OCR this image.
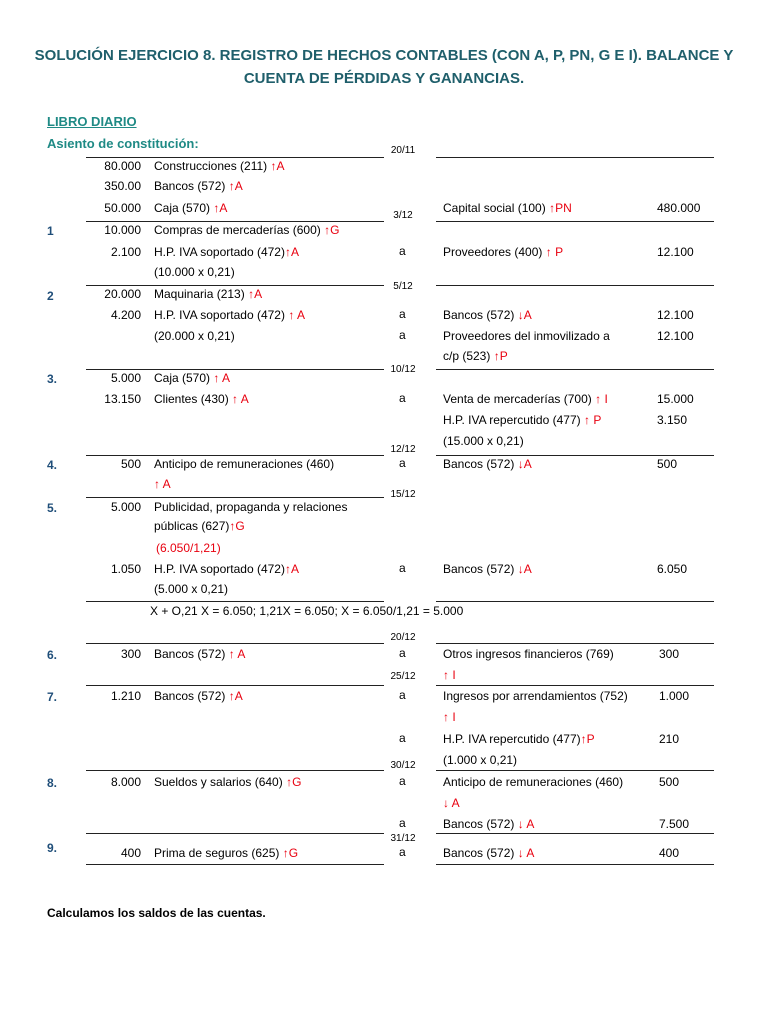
SOLUCIÓN EJERCICIO 8. REGISTRO DE HECHOS CONTABLES (CON A, P, PN, G E I). BALANCE Y
CUENTA DE PÉRDIDAS Y GANANCIAS.
LIBRO DIARIO
Asiento de constitución:	20/11
80.000 Construcciones (211) ↑A
350.00 Bancos (572) ↑A
50.000 Caja (570) ↑A	Capital social (100) ↑PN	480.000
3/12
1	10.000 Compras de mercaderías (600) ↑G
2.100 H.P. IVA soportado (472)↑A	a	Proveedores (400) ↑ P	12.100
(10.000 x 0,21)
5/12
2	20.000 Maquinaria (213) ↑A
4.200 H.P. IVA soportado (472) ↑ A	a	Bancos (572) ↓A	12.100
(20.000 x 0,21)	a	Proveedores del inmovilizado a	12.100
c/p (523) ↑P
10/12
3.	5.000 Caja (570) ↑ A
13.150 Clientes (430) ↑ A	a	Venta de mercaderías (700) ↑ I	15.000
H.P. IVA repercutido (477) ↑ P	3.150
(15.000 x 0,21)
12/12
4.	500 Anticipo de remuneraciones (460)	a	Bancos (572) ↓A	500
↑ A
15/12
5.	5.000 Publicidad, propaganda y relaciones
públicas (627)↑G
(6.050/1,21)
1.050 H.P. IVA soportado (472)↑A	a	Bancos (572) ↓A	6.050
(5.000 x 0,21)
X + O,21 X = 6.050; 1,21X = 6.050; X = 6.050/1,21 = 5.000
20/12
6.	300 Bancos (572) ↑ A	a	Otros ingresos financieros (769)	300
↑ I
25/12
7.	1.210 Bancos (572) ↑A	a	Ingresos por arrendamientos (752)	1.000
↑ I
a	H.P. IVA repercutido (477)↑P	210
(1.000 x 0,21)
30/12
8.	8.000 Sueldos y salarios (640) ↑G	a	Anticipo de remuneraciones (460)	500
↓ A
a	Bancos (572) ↓ A	7.500
31/12
9.	400 Prima de seguros (625) ↑G	a	Bancos (572) ↓ A	400
Calculamos los saldos de las cuentas.
